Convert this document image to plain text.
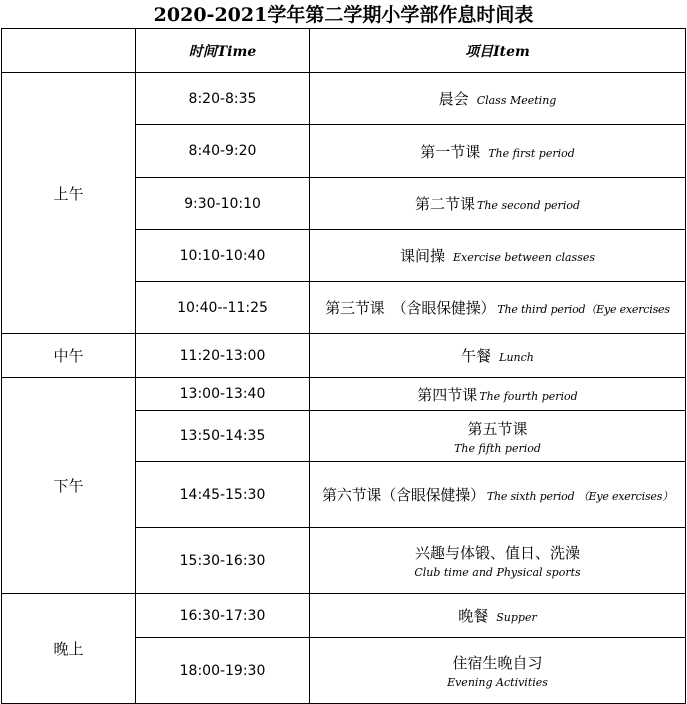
2020-2021学年第二学期小学部作息时间表
	时间Time	项目Item
上午	8:20-8:35	晨会 Class Meeting
	8:40-9:20	第一节课 The first period
	9:30-10:10	第二节课 The second period
	10:10-10:40	课间操 Exercise between classes
	10:40--11:25	第三节课　（含眼保健操） The third period（Eye exercises
中午	11:20-13:00	午餐 Lunch
下午	13:00-13:40	第四节课 The fourth period
	13:50-14:35	第五节课
The fifth period

	14:45-15:30	第六节课（含眼保健操） The sixth period （Eye exercises）
	15:30-16:30	兴趣与体锻、值日、洗澡
Club time and Physical sports

晚上	16:30-17:30	晚餐 Supper
	18:00-19:30	住宿生晚自习
Evening Activities
